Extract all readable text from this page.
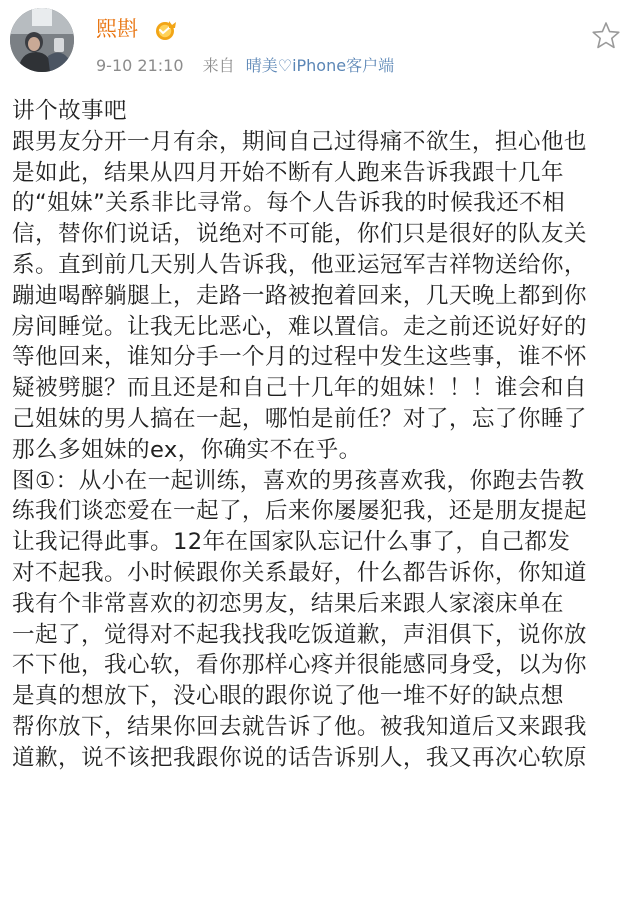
熙斟
9-10 21:10 来自 晴美♡iPhone客户端
讲个故事吧
跟男友分开一月有余，期间自己过得痛不欲生，担心他也
是如此，结果从四月开始不断有人跑来告诉我跟十几年
的“姐妹”关系非比寻常。每个人告诉我的时候我还不相
信，替你们说话，说绝对不可能，你们只是很好的队友关
系。直到前几天别人告诉我，他亚运冠军吉祥物送给你，
蹦迪喝醉躺腿上，走路一路被抱着回来，几天晚上都到你
房间睡觉。让我无比恶心，难以置信。走之前还说好好的
等他回来，谁知分手一个月的过程中发生这些事，谁不怀
疑被劈腿？而且还是和自己十几年的姐妹！！！谁会和自
己姐妹的男人搞在一起，哪怕是前任？对了，忘了你睡了
那么多姐妹的ex，你确实不在乎。
图①：从小在一起训练，喜欢的男孩喜欢我，你跑去告教
练我们谈恋爱在一起了，后来你屡屡犯我，还是朋友提起
让我记得此事。12年在国家队忘记什么事了，自己都发
对不起我。小时候跟你关系最好，什么都告诉你，你知道
我有个非常喜欢的初恋男友，结果后来跟人家滚床单在
一起了，觉得对不起我找我吃饭道歉，声泪俱下，说你放
不下他，我心软，看你那样心疼并很能感同身受，以为你
是真的想放下，没心眼的跟你说了他一堆不好的缺点想
帮你放下，结果你回去就告诉了他。被我知道后又来跟我
道歉，说不该把我跟你说的话告诉别人，我又再次心软原
